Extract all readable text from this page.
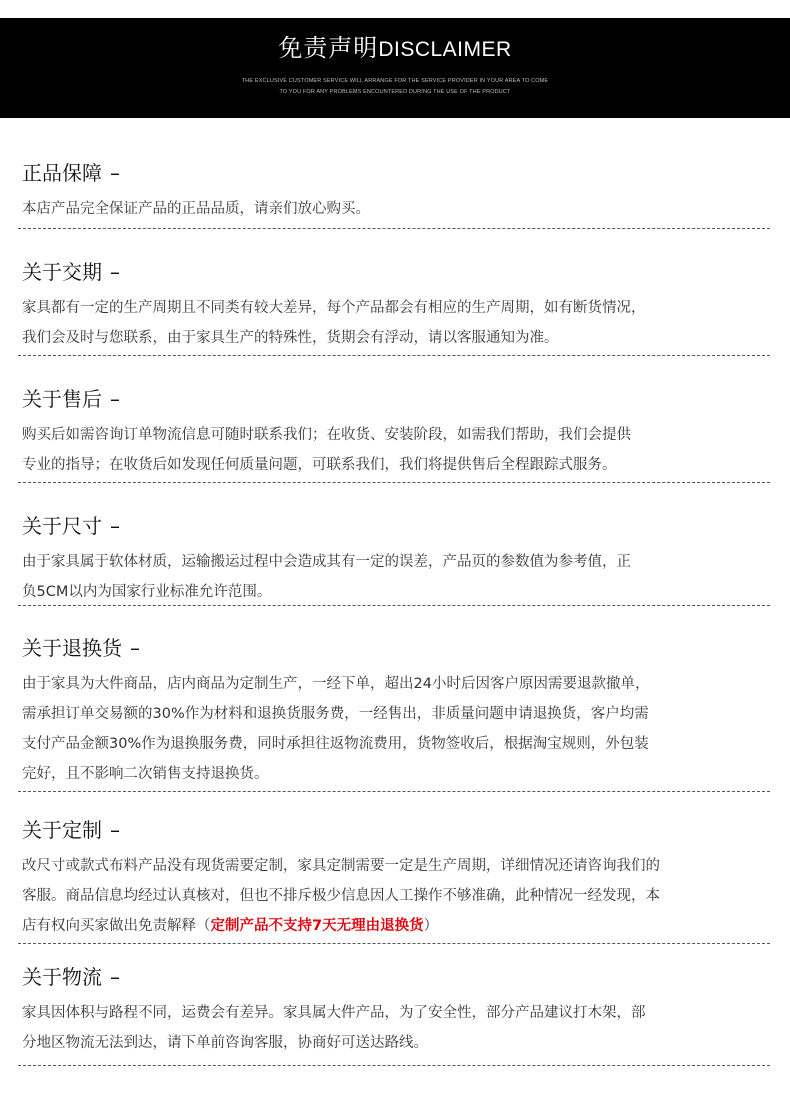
免责声明DISCLAIMER
THE EXCLUSIVE CUSTOMER SERVICE WILL ARRANGE FOR THE SERVICE PROVIDER IN YOUR AREA TO COME
TO YOU FOR ANY PROBLEMS ENCOUNTERED DURING THE USE OF THE PRODUCT
正品保障 –
本店产品完全保证产品的正品品质，请亲们放心购买。
关于交期 –
家具都有一定的生产周期且不同类有较大差异，每个产品都会有相应的生产周期，如有断货情况，
我们会及时与您联系，由于家具生产的特殊性，货期会有浮动，请以客服通知为准。
关于售后 –
购买后如需咨询订单物流信息可随时联系我们；在收货、安装阶段，如需我们帮助，我们会提供
专业的指导；在收货后如发现任何质量问题，可联系我们，我们将提供售后全程跟踪式服务。
关于尺寸 –
由于家具属于软体材质，运输搬运过程中会造成其有一定的误差，产品页的参数值为参考值，正
负5CM以内为国家行业标准允许范围。
关于退换货 –
由于家具为大件商品，店内商品为定制生产，一经下单，超出24小时后因客户原因需要退款撤单，
需承担订单交易额的30%作为材料和退换货服务费，一经售出，非质量问题申请退换货，客户均需
支付产品金额30%作为退换服务费，同时承担往返物流费用，货物签收后，根据淘宝规则，外包装
完好，且不影响二次销售支持退换货。
关于定制 –
改尺寸或款式布料产品没有现货需要定制，家具定制需要一定是生产周期，详细情况还请咨询我们的
客服。商品信息均经过认真核对，但也不排斥极少信息因人工操作不够准确，此种情况一经发现，本
店有权向买家做出免责解释（定制产品不支持7天无理由退换货）
关于物流 –
家具因体积与路程不同，运费会有差异。家具属大件产品，为了安全性，部分产品建议打木架，部
分地区物流无法到达，请下单前咨询客服，协商好可送达路线。
